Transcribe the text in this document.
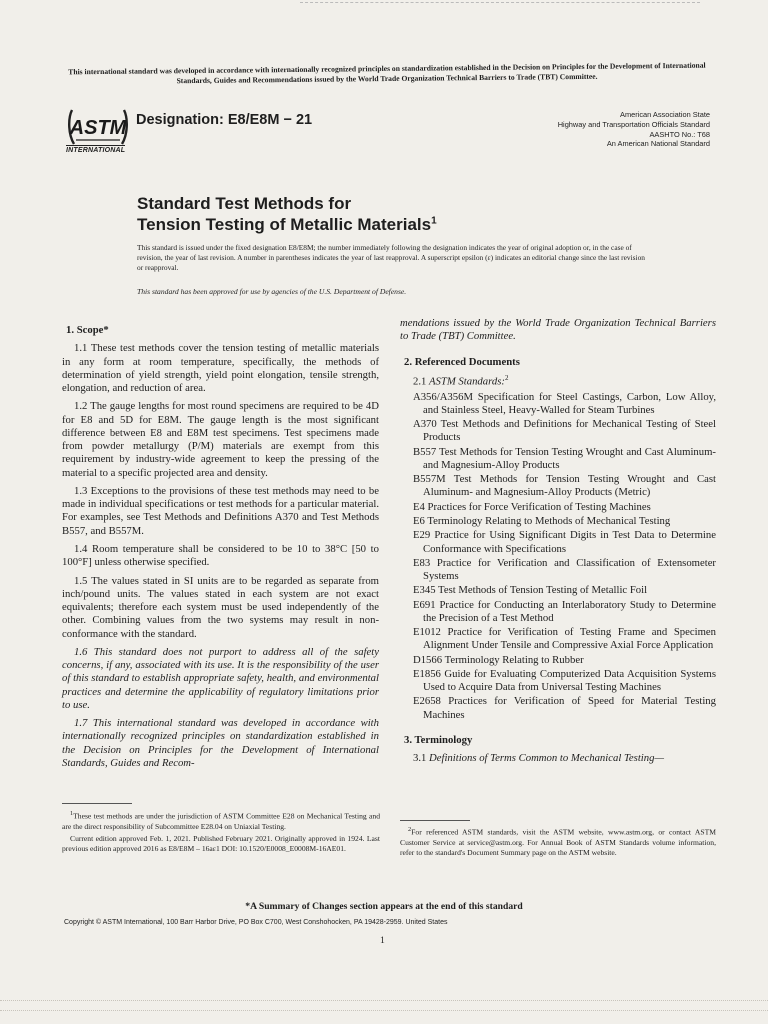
This international standard was developed in accordance with internationally recognized principles on standardization established in the Decision on Principles for the Development of International Standards, Guides and Recommendations issued by the World Trade Organization Technical Barriers to Trade (TBT) Committee.
ASTM
INTERNATIONAL
Designation: E8/E8M − 21	American Association State
Highway and Transportation Officials Standard
AASHTO No.: T68
An American National Standard
Standard Test Methods for
Tension Testing of Metallic Materials$^1$
This standard is issued under the fixed designation E8/E8M; the number immediately following the designation indicates the year of original adoption or, in the case of revision, the year of last revision. A number in parentheses indicates the year of last reapproval. A superscript epsilon (ε) indicates an editorial change since the last revision or reapproval.
This standard has been approved for use by agencies of the U.S. Department of Defense.
1. Scope*

1.1 These test methods cover the tension testing of metallic materials in any form at room temperature, specifically, the methods of determination of yield strength, yield point elongation, tensile strength, elongation, and reduction of area.

1.2 The gauge lengths for most round specimens are required to be 4D for E8 and 5D for E8M. The gauge length is the most significant difference between E8 and E8M test specimens. Test specimens made from powder metallurgy (P/M) materials are exempt from this requirement by industry-wide agreement to keep the pressing of the material to a specific projected area and density.

1.3 Exceptions to the provisions of these test methods may need to be made in individual specifications or test methods for a particular material. For examples, see Test Methods and Definitions A370 and Test Methods B557, and B557M.

1.4 Room temperature shall be considered to be 10 to 38°C [50 to 100°F] unless otherwise specified.

1.5 The values stated in SI units are to be regarded as separate from inch/pound units. The values stated in each system are not exact equivalents; therefore each system must be used independently of the other. Combining values from the two systems may result in non-conformance with the standard.

1.6 This standard does not purport to address all of the safety concerns, if any, associated with its use. It is the responsibility of the user of this standard to establish appropriate safety, health, and environmental practices and determine the applicability of regulatory limitations prior to use.

1.7 This international standard was developed in accordance with internationally recognized principles on standardization established in the Decision on Principles for the Development of International Standards, Guides and Recom-

mendations issued by the World Trade Organization Technical Barriers to Trade (TBT) Committee.

2. Referenced Documents
2.1 ASTM Standards:$^2$
A356/A356M Specification for Steel Castings, Carbon, Low Alloy, and Stainless Steel, Heavy-Walled for Steam Turbines
A370 Test Methods and Definitions for Mechanical Testing of Steel Products
B557 Test Methods for Tension Testing Wrought and Cast Aluminum- and Magnesium-Alloy Products
B557M Test Methods for Tension Testing Wrought and Cast Aluminum- and Magnesium-Alloy Products (Metric)
E4 Practices for Force Verification of Testing Machines
E6 Terminology Relating to Methods of Mechanical Testing
E29 Practice for Using Significant Digits in Test Data to Determine Conformance with Specifications
E83 Practice for Verification and Classification of Extensometer Systems
E345 Test Methods of Tension Testing of Metallic Foil
E691 Practice for Conducting an Interlaboratory Study to Determine the Precision of a Test Method
E1012 Practice for Verification of Testing Frame and Specimen Alignment Under Tensile and Compressive Axial Force Application
D1566 Terminology Relating to Rubber
E1856 Guide for Evaluating Computerized Data Acquisition Systems Used to Acquire Data from Universal Testing Machines
E2658 Practices for Verification of Speed for Material Testing Machines
3. Terminology
3.1 Definitions of Terms Common to Mechanical Testing—

$^1$These test methods are under the jurisdiction of ASTM Committee E28 on Mechanical Testing and are the direct responsibility of Subcommittee E28.04 on Uniaxial Testing.

Current edition approved Feb. 1, 2021. Published February 2021. Originally approved in 1924. Last previous edition approved 2016 as E8/E8M – 16aε1 DOI: 10.1520/E0008_E0008M-16AE01.

$^2$For referenced ASTM standards, visit the ASTM website, www.astm.org, or contact ASTM Customer Service at service@astm.org. For Annual Book of ASTM Standards volume information, refer to the standard's Document Summary page on the ASTM website.

*A Summary of Changes section appears at the end of this standard
Copyright © ASTM International, 100 Barr Harbor Drive, PO Box C700, West Conshohocken, PA 19428-2959. United States
1
